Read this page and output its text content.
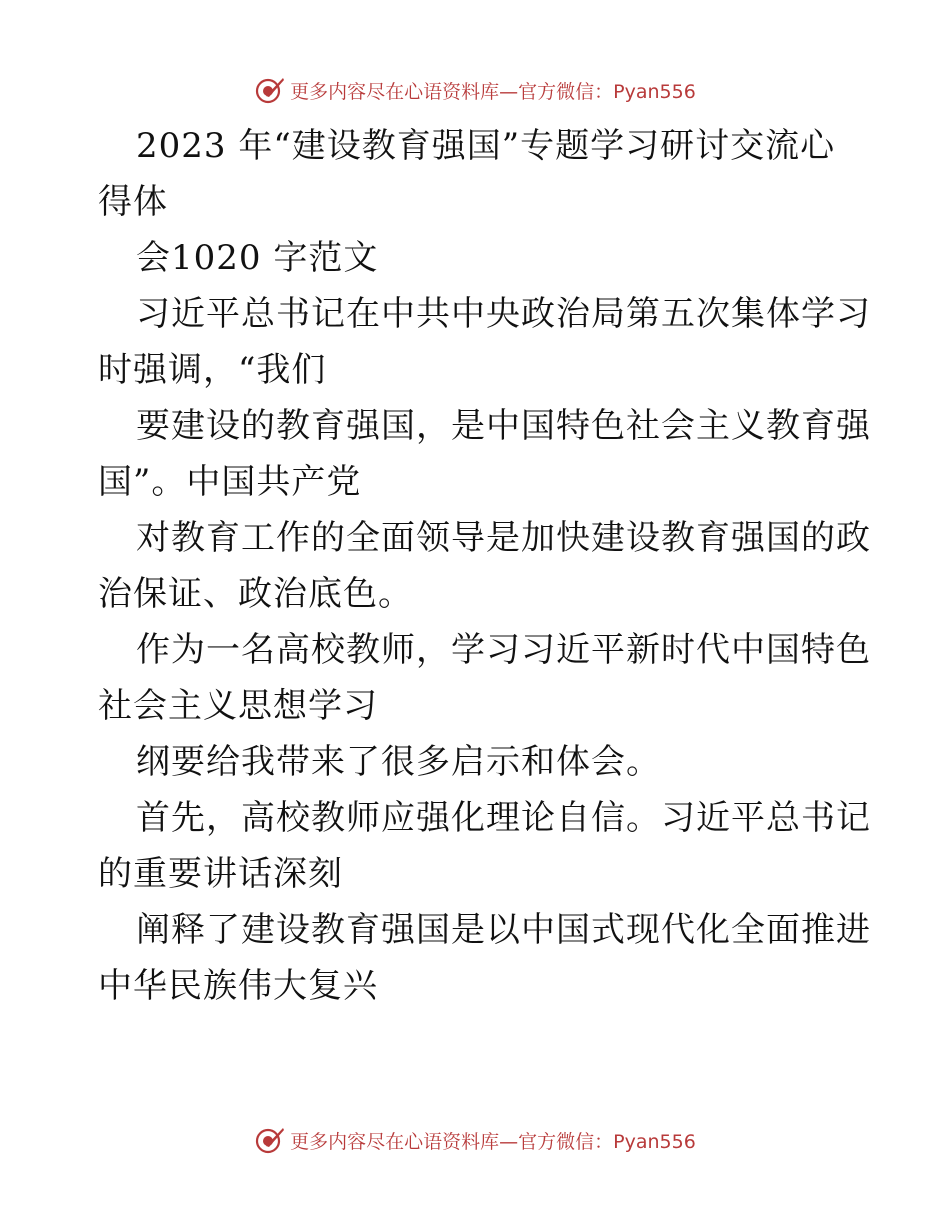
更多内容尽在心语资料库—官方微信：Pyan556

2023 年“建设教育强国”专题学习研讨交流心
得体

会1020 字范文

习近平总书记在中共中央政治局第五次集体学习
时强调，“我们

要建设的教育强国，是中国特色社会主义教育强
国”。中国共产党

对教育工作的全面领导是加快建设教育强国的政
治保证、政治底色。

作为一名高校教师，学习习近平新时代中国特色
社会主义思想学习

纲要给我带来了很多启示和体会。

首先，高校教师应强化理论自信。习近平总书记
的重要讲话深刻

阐释了建设教育强国是以中国式现代化全面推进
中华民族伟大复兴

更多内容尽在心语资料库—官方微信：Pyan556
